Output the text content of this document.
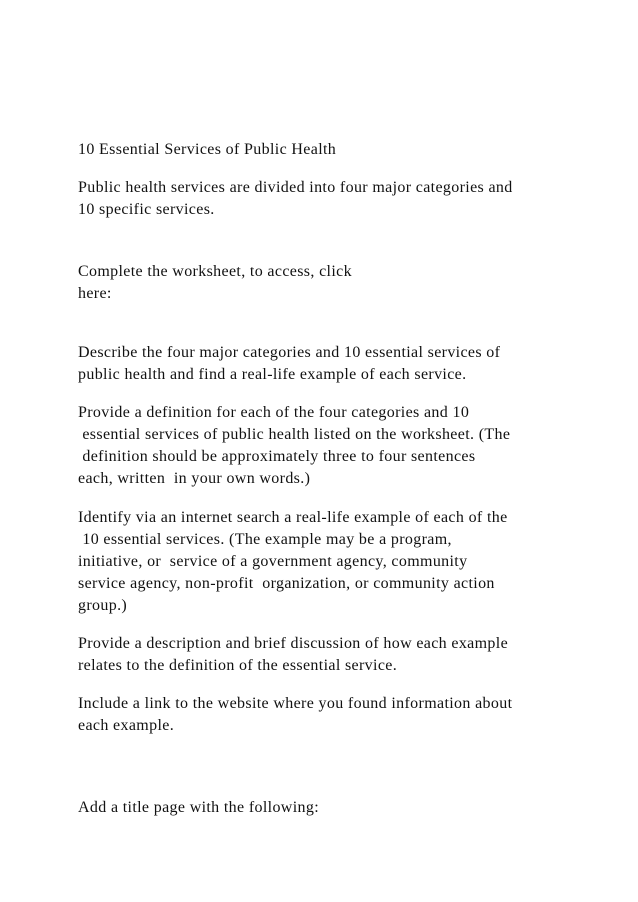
10 Essential Services of Public Health

Public health services are divided into four major categories and

10 specific services.

Complete the worksheet, to access, click

here:

Describe the four major categories and 10 essential services of

public health and find a real-life example of each service.

Provide a definition for each of the four categories and 10

essential services of public health listed on the worksheet. (The

definition should be approximately three to four sentences

each, written  in your own words.)

Identify via an internet search a real-life example of each of the

10 essential services. (The example may be a program,

initiative, or  service of a government agency, community

service agency, non-profit  organization, or community action

group.)

Provide a description and brief discussion of how each example

relates to the definition of the essential service.

Include a link to the website where you found information about

each example.

Add a title page with the following:
